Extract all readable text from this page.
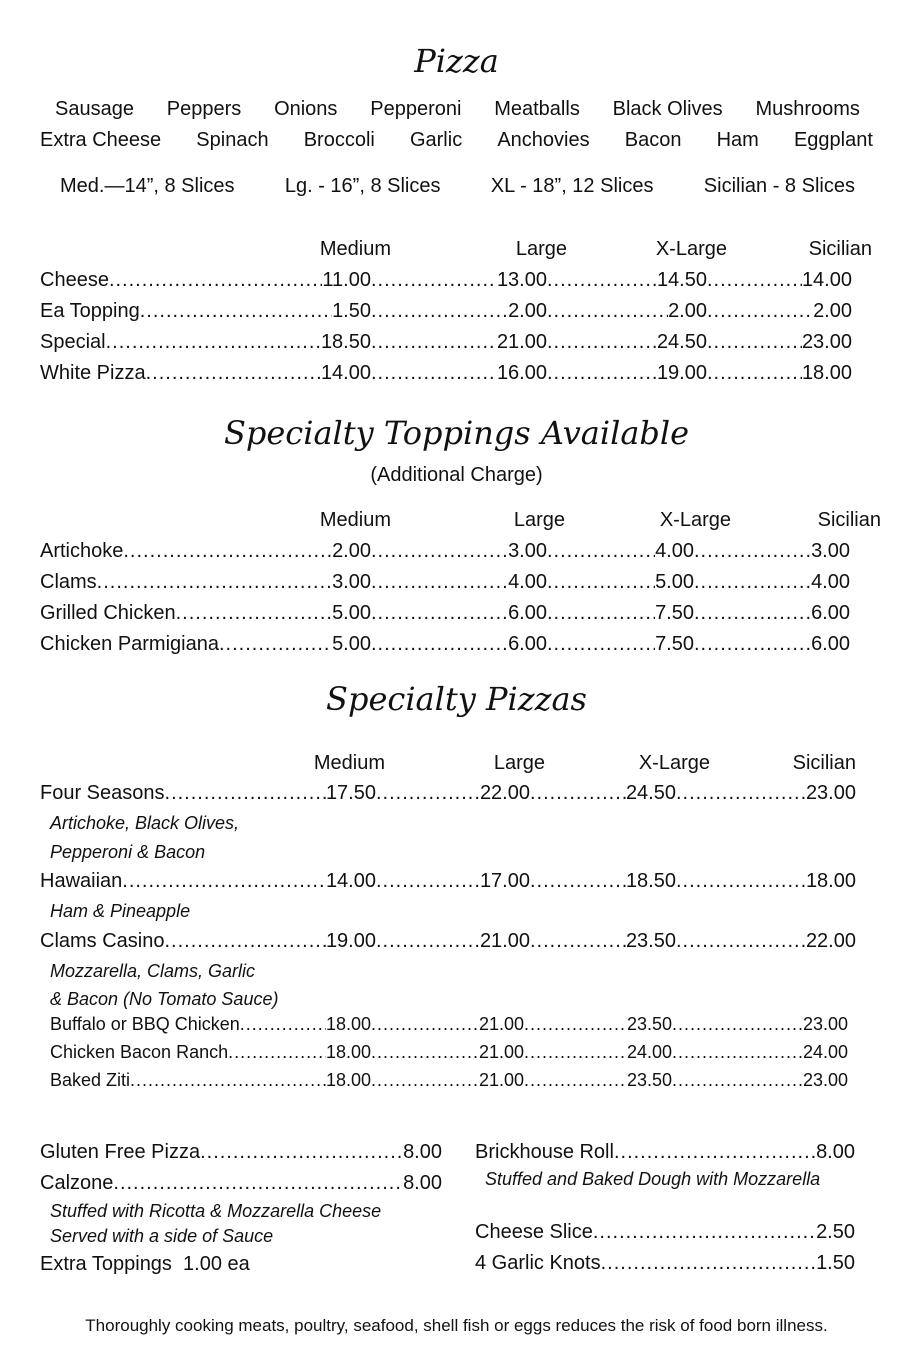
Pizza
Sausage Peppers Onions Pepperoni Meatballs Black Olives Mushrooms
Extra Cheese Spinach Broccoli Garlic Anchovies Bacon Ham Eggplant
Med.—14”, 8 Slices	Lg. - 16”, 8 Slices	XL - 18”, 12 Slices	Sicilian - 8 Slices
Medium	Large	X-Large	Sicilian
Cheese .....	11.00 .....	13.00 .....	14.50 .....	14.00
Ea Topping .....	1.50 .....	2.00 .....	2.00 .....	2.00
Special .....	18.50 .....	21.00 .....	24.50 .....	23.00
White Pizza .....	14.00 .....	16.00 .....	19.00 .....	18.00
Specialty Toppings Available
(Additional Charge)
Medium	Large	X-Large	Sicilian
Artichoke .....	2.00 .....	3.00 .....	4.00 .....	3.00
Clams .....	3.00 .....	4.00 .....	5.00 .....	4.00
Grilled Chicken .....	5.00 .....	6.00 .....	7.50 .....	6.00
Chicken Parmigiana .....	5.00 .....	6.00 .....	7.50 .....	6.00
Specialty Pizzas
Medium	Large	X-Large	Sicilian
Four Seasons .....	17.50 .....	22.00 .....	24.50 .....	23.00
Artichoke, Black Olives,
Pepperoni & Bacon
Hawaiian .....	14.00 .....	17.00 .....	18.50 .....	18.00
Ham & Pineapple
Clams Casino .....	19.00 .....	21.00 .....	23.50 .....	22.00
Mozzarella, Clams, Garlic
& Bacon (No Tomato Sauce)
Buffalo or BBQ Chicken .....	18.00 .....	21.00 .....	23.50 .....	23.00
Chicken Bacon Ranch .....	18.00 .....	21.00 .....	24.00 .....	24.00
Baked Ziti .....	18.00 .....	21.00 .....	23.50 .....	23.00
Gluten Free Pizza .....	8.00
Calzone .....	8.00
Stuffed with Ricotta & Mozzarella Cheese
Served with a side of Sauce
Extra Toppings  1.00 ea
Brickhouse Roll .....	8.00
Stuffed and Baked Dough with Mozzarella
Cheese Slice .....	2.50
4 Garlic Knots .....	1.50
Thoroughly cooking meats, poultry, seafood, shell fish or eggs reduces the risk of food born illness.
